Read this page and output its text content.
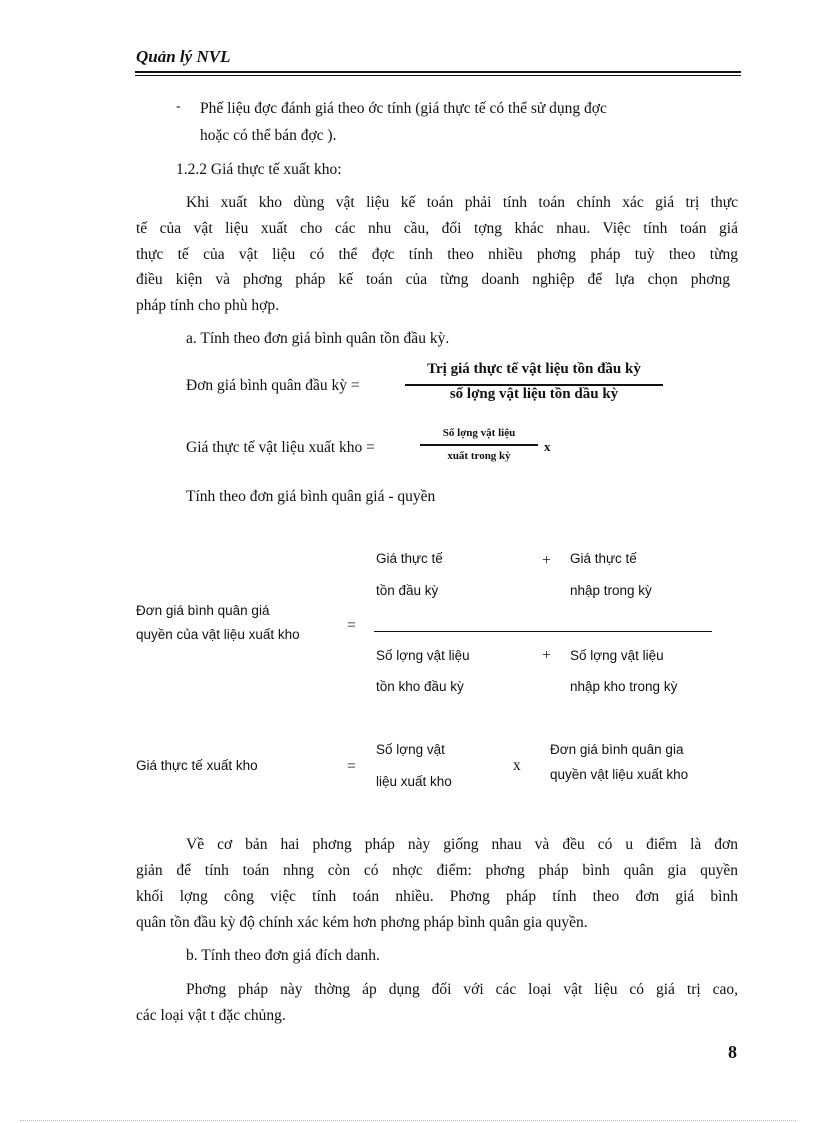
Quản lý NVL
- Phế liệu đợc đánh giá theo ớc tính (giá thực tế có thể sử dụng đợc
hoặc có thể bán đợc ).
1.2.2 Giá thực tế xuất kho:
Khi xuất kho dùng vật liệu kế toán phải tính toán chính xác giá trị thực
tế của vật liệu xuất cho các nhu cầu, đối tợng khác nhau. Việc tính toán giá
thực tế của vật liệu có thể đợc tính theo nhiều phơng pháp tuỳ theo từng
điều kiện và phơng pháp kế toán của từng doanh nghiệp để lựa chọn phơng
pháp tính cho phù hợp.
a. Tính theo đơn giá bình quân tồn đầu kỳ.
Đơn giá bình quân đầu kỳ =
Trị giá thực tế vật liệu tồn đầu kỳ
số lợng vật liệu tồn dầu kỳ
Giá thực tế vật liệu xuất kho =
Số lợng vật liệu
xuất trong kỳ
x
Tính theo đơn giá bình quân giá - quyền
Giá thực tế
tồn đầu kỳ
+ Giá thực tế
nhập trong kỳ
Đơn giá bình quân giá
quyền của vật liệu xuất kho
=
Số lợng vật liệu
tồn kho đầu kỳ
+ Số lợng vật liệu
nhập kho trong kỳ
Giá thực tế xuất kho	=
Số lợng vật
liệu xuất kho
x
Đơn giá bình quân gia
quyền vật liệu xuất kho
Về cơ bản hai phơng pháp này giống nhau và đều có u điểm là đơn
giản để tính toán nhng còn có nhợc điểm: phơng pháp bình quân gia quyền
khối lợng công việc tính toán nhiều. Phơng pháp tính theo đơn giá bình
quân tồn đầu kỳ độ chính xác kém hơn phơng pháp bình quân gia quyền.
b. Tính theo đơn giá đích danh.
Phơng pháp này thờng áp dụng đối với các loại vật liệu có giá trị cao,
các loại vật t đặc chủng.
8
